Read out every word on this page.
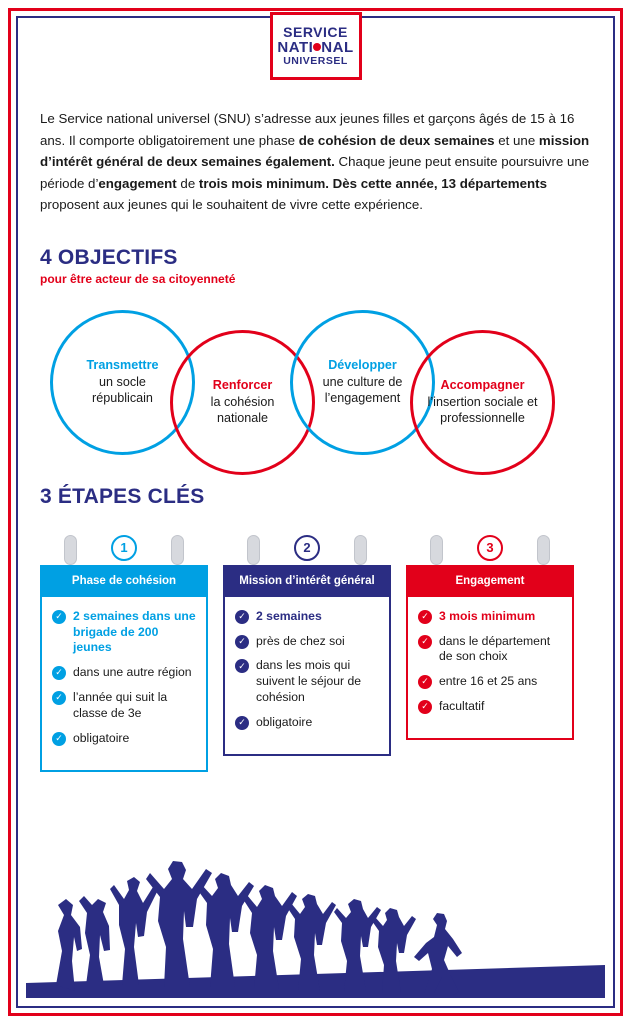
SERVICE
NATI NAL
UNIVERSEL

Le Service national universel (SNU) s’adresse aux jeunes filles et garçons âgés de 15 à 16 ans. Il comporte obligatoirement une phase de cohésion de deux semaines et une mission d’intérêt général de deux semaines également. Chaque jeune peut ensuite poursuivre une période d’engagement de trois mois minimum. Dès cette année, 13 départements proposent aux jeunes qui le souhaitent de vivre cette expérience.

4 OBJECTIFS
pour être acteur de sa citoyenneté
Transmettre
un socle républicain
Renforcer
la cohésion nationale
Développer
une culture de l’engagement
Accompagner
l’insertion sociale et professionnelle
3 ÉTAPES CLÉS
1
Phase de cohésion
✓ 2 semaines dans une brigade de 200 jeunes
✓ dans une autre région
✓ l’année qui suit la classe de 3e
✓ obligatoire
2
Mission d’intérêt général
✓ 2 semaines
✓ près de chez soi
✓ dans les mois qui suivent le séjour de cohésion
✓ obligatoire
3
Engagement
✓ 3 mois minimum
✓ dans le département de son choix
✓ entre 16 et 25 ans
✓ facultatif
